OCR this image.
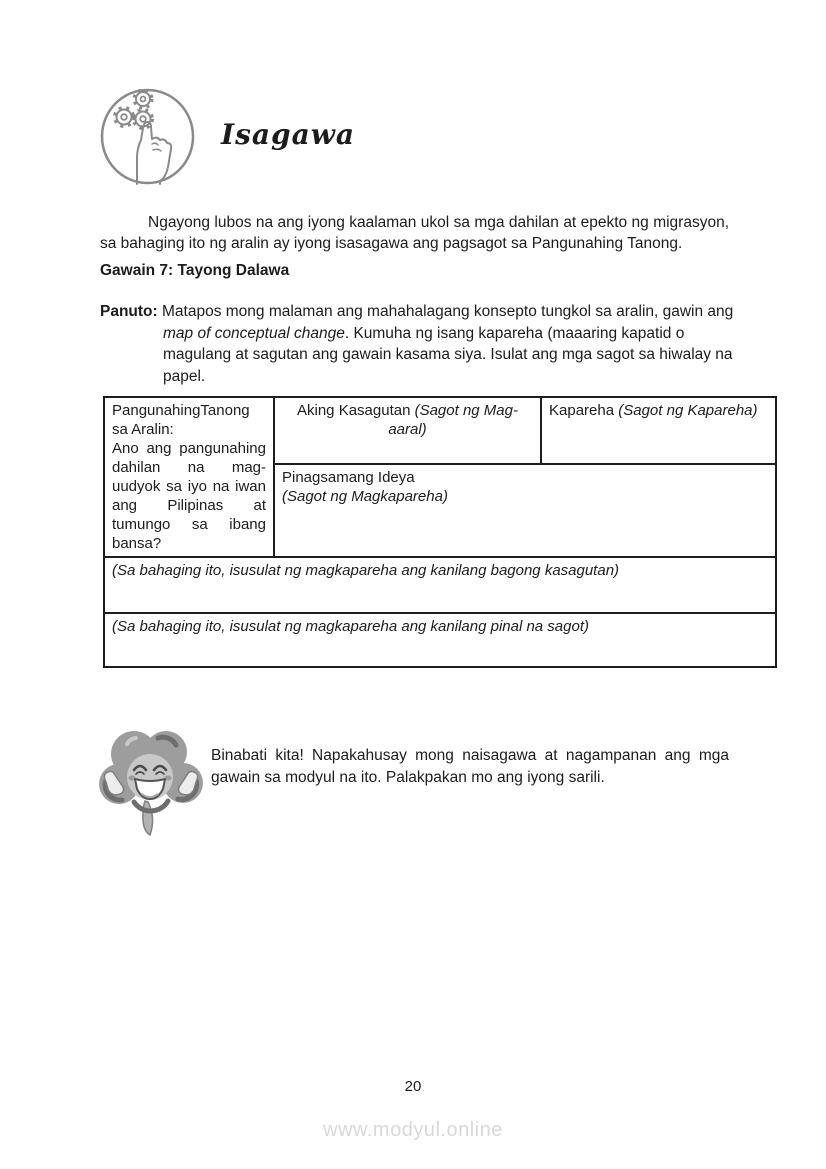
Isagawa

Ngayong lubos na ang iyong kaalaman ukol sa mga dahilan at epekto ng migrasyon, sa bahaging ito ng aralin ay iyong isasagawa ang pagsagot sa Pangunahing Tanong.

Gawain 7: Tayong Dalawa
Panuto: Matapos mong malaman ang mahahalagang konsepto tungkol sa aralin, gawin ang map of conceptual change. Kumuha ng isang kapareha (maaaring kapatid o magulang at sagutan ang gawain kasama siya. Isulat ang mga sagot sa hiwalay na papel.
PangunahingTanong sa Aralin:
Ano ang pangunahing dahilan na mag-uudyok sa iyo na iwan ang Pilipinas at tumungo sa ibang bansa?
	Aking Kasagutan (Sagot ng Mag-aaral)	Kapareha (Sagot ng Kapareha)

Pinagsamang Ideya
(Sagot ng Magkapareha)

(Sa bahaging ito, isusulat ng magkapareha ang kanilang bagong kasagutan)
(Sa bahaging ito, isusulat ng magkapareha ang kanilang pinal na sagot)

Binabati kita! Napakahusay mong naisagawa at nagampanan ang mga gawain sa modyul na ito. Palakpakan mo ang iyong sarili.

20
www.modyul.online
